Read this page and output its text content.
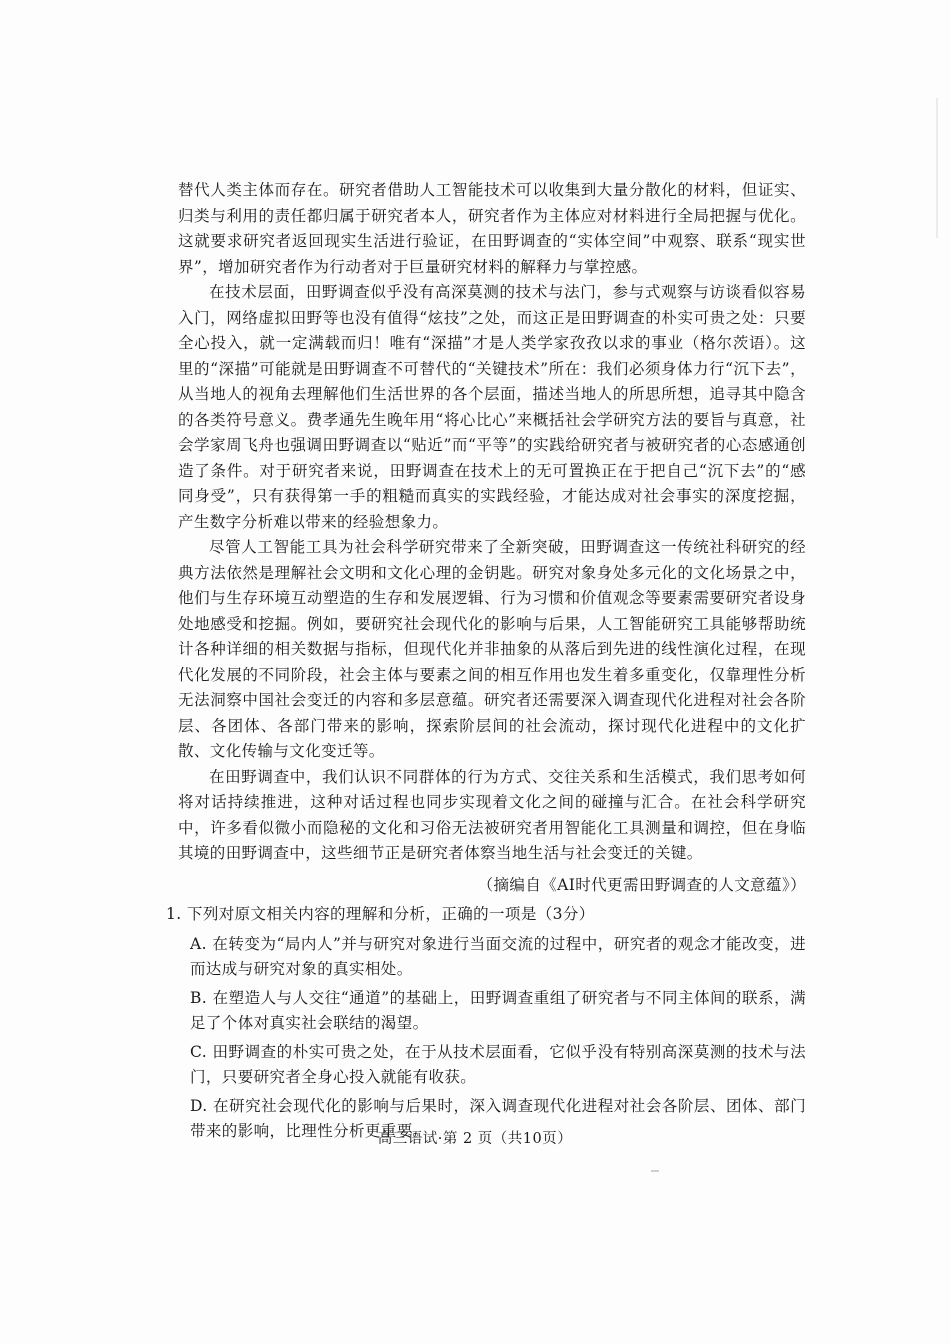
替代人类主体而存在。研究者借助人工智能技术可以收集到大量分散化的材料，但证实、归类与利用的责任都归属于研究者本人，研究者作为主体应对材料进行全局把握与优化。这就要求研究者返回现实生活进行验证，在田野调查的“实体空间”中观察、联系“现实世界”，增加研究者作为行动者对于巨量研究材料的解释力与掌控感。

在技术层面，田野调查似乎没有高深莫测的技术与法门，参与式观察与访谈看似容易入门，网络虚拟田野等也没有值得“炫技”之处，而这正是田野调查的朴实可贵之处：只要全心投入，就一定满载而归！唯有“深描”才是人类学家孜孜以求的事业（格尔茨语）。这里的“深描”可能就是田野调查不可替代的“关键技术”所在：我们必须身体力行“沉下去”，从当地人的视角去理解他们生活世界的各个层面，描述当地人的所思所想，追寻其中隐含的各类符号意义。费孝通先生晚年用“将心比心”来概括社会学研究方法的要旨与真意，社会学家周飞舟也强调田野调查以“贴近”而“平等”的实践给研究者与被研究者的心态感通创造了条件。对于研究者来说，田野调查在技术上的无可置换正在于把自己“沉下去”的“感同身受”，只有获得第一手的粗糙而真实的实践经验，才能达成对社会事实的深度挖掘，产生数字分析难以带来的经验想象力。

尽管人工智能工具为社会科学研究带来了全新突破，田野调查这一传统社科研究的经典方法依然是理解社会文明和文化心理的金钥匙。研究对象身处多元化的文化场景之中，他们与生存环境互动塑造的生存和发展逻辑、行为习惯和价值观念等要素需要研究者设身处地感受和挖掘。例如，要研究社会现代化的影响与后果，人工智能研究工具能够帮助统计各种详细的相关数据与指标，但现代化并非抽象的从落后到先进的线性演化过程，在现代化发展的不同阶段，社会主体与要素之间的相互作用也发生着多重变化，仅靠理性分析无法洞察中国社会变迁的内容和多层意蕴。研究者还需要深入调查现代化进程对社会各阶层、各团体、各部门带来的影响，探索阶层间的社会流动，探讨现代化进程中的文化扩散、文化传输与文化变迁等。

在田野调查中，我们认识不同群体的行为方式、交往关系和生活模式，我们思考如何将对话持续推进，这种对话过程也同步实现着文化之间的碰撞与汇合。在社会科学研究中，许多看似微小而隐秘的文化和习俗无法被研究者用智能化工具测量和调控，但在身临其境的田野调查中，这些细节正是研究者体察当地生活与社会变迁的关键。

（摘编自《AI时代更需田野调查的人文意蕴》）

1. 下列对原文相关内容的理解和分析，正确的一项是（3分）

A. 在转变为“局内人”并与研究对象进行当面交流的过程中，研究者的观念才能改变，进而达成与研究对象的真实相处。

B. 在塑造人与人交往“通道”的基础上，田野调查重组了研究者与不同主体间的联系，满足了个体对真实社会联结的渴望。

C. 田野调查的朴实可贵之处，在于从技术层面看，它似乎没有特别高深莫测的技术与法门，只要研究者全身心投入就能有收获。

D. 在研究社会现代化的影响与后果时，深入调查现代化进程对社会各阶层、团体、部门带来的影响，比理性分析更重要。

高三语试·第 2 页（共10页）
